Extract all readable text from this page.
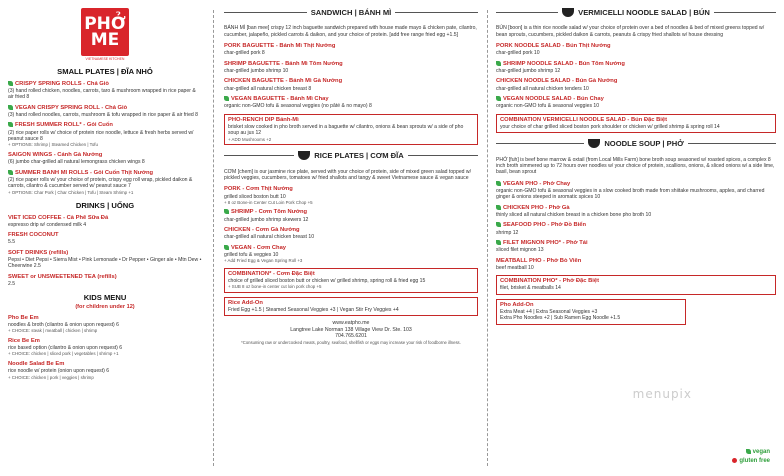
PHỞ
ME
VIETNAMESE KITCHEN
SMALL PLATES | ĐĨA NHỎ
CRISPY SPRING ROLLS - Chả Giò
(3) hand rolled chicken, noodles, carrots, taro & mushroom wrapped in rice paper & air fried 8
VEGAN CRISPY SPRING ROLL - Chả Giò
(3) hand rolled noodles, carrots, mushroom & tofu wrapped in rice paper & air fried 8
FRESH SUMMER ROLL* - Gỏi Cuốn
(2) rice paper rolls w/ choice of protein rice noodle, lettuce & fresh herbs served w/ peanut sauce 8
+ OPTIONS: Shrimp | Steamed Chicken | Tofu
SAIGON WINGS - Cánh Gà Nướng
(6) jumbo char-grilled all natural lemongrass chicken wings 8
SUMMER BANH MI ROLLS - Gỏi Cuốn Thịt Nướng
(2) rice paper rolls w/ your choice of protein, crispy egg roll wrap, pickled daikon & carrots, cilantro & cucumber served w/ peanut sauce 7
+ OPTIONS: Char Pork | Char Chicken | Tofu | Steam Shrimp +1
DRINKS | UỐNG
VIET ICED COFFEE - Cà Phê Sữa Đá
espresso drip w/ condensed milk 4
FRESH COCONUT
5.5
SOFT DRINKS (refills)
Pepsi • Diet Pepsi • Sierra Mist • Pink Lemonade • Dr Pepper • Ginger ale • Mtn Dew • Cheerwine 2.5
SWEET or UNSWEETENED TEA (refills)
2.5
KIDS MENU
(for children under 12)
Pho Be Em
noodles & broth (cilantro & onion upon request) 6
+ CHOICE: steak | meatball | chicken | shrimp
Rice Be Em
rice based option (cilantro & onion upon request) 6
+ CHOICE: chicken | sliced pork | vegetables | shrimp +1
Noodle Salad Be Em
rice noodle w/ protein (onion upon request) 6
+ CHOICE: chicken | pork | veggies | shrimp
SANDWICH | BÁNH MÌ
BÁNH MÌ [ban mee] crispy 12 inch baguette sandwich prepared with house made mayo & chicken pate, cilantro, cucumber, jalapeño, pickled carrots & daikon, and your choice of protein. [add free range fried egg +1.5]
PORK BAGUETTE - Bánh Mì Thịt Nướng
char-grilled pork 8
SHRIMP BAGUETTE - Bánh Mì Tôm Nướng
char-grilled jumbo shrimp 10
CHICKEN BAGUETTE - Bánh Mì Gà Nướng
char-grilled all natural chicken breast 8
VEGAN BAGUETTE - Bánh Mì Chay
organic non-GMO tofu & seasonal veggies (no pâté & no mayo) 8
PHO-RENCH DIP Bánh-Mì
brisket slow cooked in pho broth served in a baguette w/ cilantro, onions & bean sprouts w/ a side of pho soup au jus 12
+ ADD Mushrooms +2
RICE PLATES | CƠM ĐĨA
CƠM [chem] is our jasmine rice plate, served with your choice of protein, side of mixed green salad topped w/ pickled veggies, cucumbers, tomatoes w/ fried shallots and tangy & sweet Vietnamese sauce & vegan sauce
PORK - Cơm Thịt Nướng
grilled sliced boston butt 10
+ 8 oz Bone-in Center Cut Loin Pork Chop +5
SHRIMP - Cơm Tôm Nướng
char-grilled jumbo shrimp skewers 12
CHICKEN - Cơm Gà Nướng
char-grilled all natural chicken breast 10
VEGAN - Cơm Chay
grilled tofu & veggies 10
+ Add Fried Egg & Vegan Spring Roll +3
COMBINATION* - Cơm Đặc Biệt
choice of grilled sliced boston butt or chicken w/ grilled shrimp, spring roll & fried egg 15
+ SUB 8 oz bone-in center cut loin pork chop +5
Rice Add-On
Fried Egg +1.5 | Steamed Seasonal Veggies +3 | Vegan Stir Fry Veggies +4
www.eatpho.me
Langtree Lake Norman 138 Village View Dr. Ste. 103
704.765.6201
*Consuming raw or undercooked meats, poultry, seafood, shellfish or eggs may increase your risk of foodborne illness.
VERMICELLI NOODLE SALAD | BÚN
BÚN [boon] is a thin rice noodle salad w/ your choice of protein over a bed of noodles & bed of mixed greens topped w/ bean sprouts, cucumbers, pickled daikon & carrots, peanuts & crispy fried shallots w/ house dressing
PORK NOODLE SALAD - Bún Thịt Nướng
char-grilled pork 10
SHRIMP NOODLE SALAD - Bún Tôm Nướng
char-grilled jumbo shrimp 12
CHICKEN NOODLE SALAD - Bún Gà Nướng
char-grilled all natural chicken tenders 10
VEGAN NOODLE SALAD - Bún Chay
organic non-GMO tofu & seasonal veggies 10
COMBINATION VERMICELLI NOODLE SALAD - Bún Đặc Biệt
your choice of char grilled sliced boston pork shoulder or chicken w/ grilled shrimp & spring roll 14
NOODLE SOUP | PHỞ
PHỞ [fuh] is beef bone marrow & oxtail (from Local Mills Farm) bone broth soup seasoned w/ roasted spices, a complex 8 inch broth simmered up to 72 hours over noodles w/ your choice of protein, scallions, onions, & sliced onions w/ a side lime, basil, bean sprout
VEGAN PHO - Phở Chay
organic non-GMO tofu & seasonal veggies in a slow cooked broth made from shiitake mushrooms, apples, and charred ginger & onions steeped in aromatic spices 10
CHICKEN PHO - Phở Gà
thinly sliced all natural chicken breast in a chicken bone pho broth 10
SEAFOOD PHO - Phở Đồ Biển
shrimp 12
FILET MIGNON PHO* - Phở Tái
sliced filet mignon 13
MEATBALL PHO - Phở Bò Viên
beef meatball 10
COMBINATION PHO* - Phở Đặc Biệt
filet, brisket & meatballs 14
Pho Add-On
Extra Meat +4 | Extra Seasonal Veggies +3
Extra Pho Noodles +2 | Sub Ramen Egg Noodle +1.5
menupix
vegan
gluten free
